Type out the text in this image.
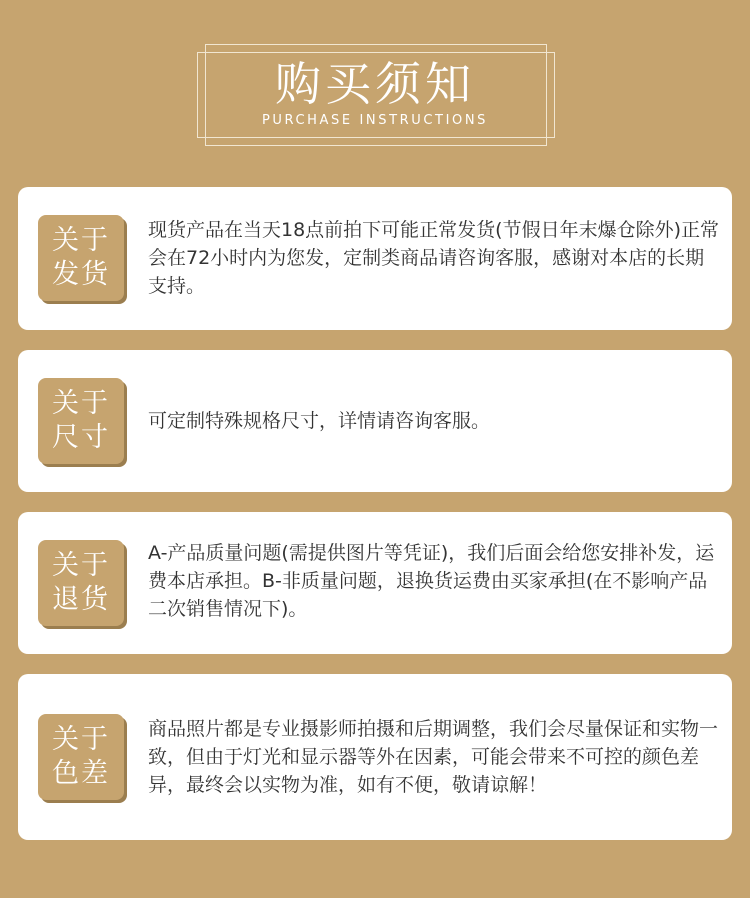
购买须知
PURCHASE INSTRUCTIONS
关于
发货
现货产品在当天18点前拍下可能正常发货(节假日年末爆仓除外)正常会在72小时内为您发，定制类商品请咨询客服，感谢对本店的长期支持。
关于
尺寸
可定制特殊规格尺寸，详情请咨询客服。
关于
退货
A-产品质量问题(需提供图片等凭证)，我们后面会给您安排补发，运费本店承担。B-非质量问题，退换货运费由买家承担(在不影响产品二次销售情况下)。
关于
色差
商品照片都是专业摄影师拍摄和后期调整，我们会尽量保证和实物一致，但由于灯光和显示器等外在因素，可能会带来不可控的颜色差异，最终会以实物为准，如有不便，敬请谅解！
